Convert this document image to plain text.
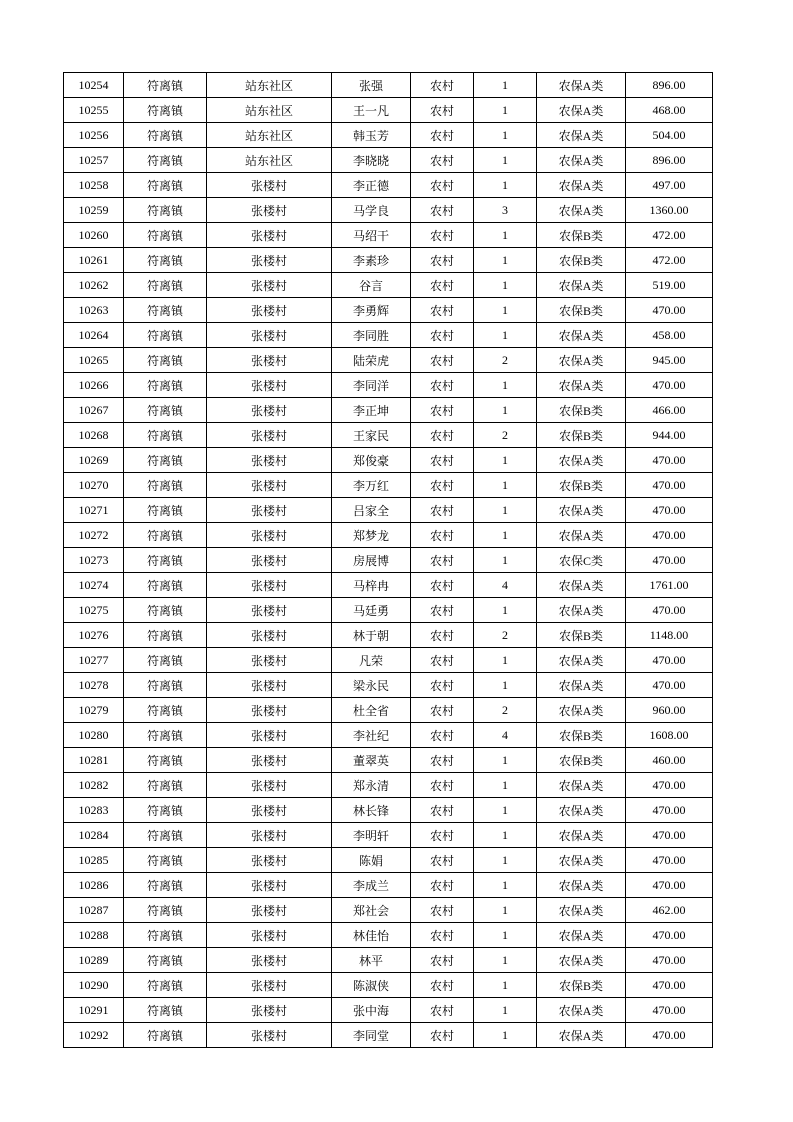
10254	符离镇	站东社区	张强	农村	1	农保A类	896.00
10255	符离镇	站东社区	王一凡	农村	1	农保A类	468.00
10256	符离镇	站东社区	韩玉芳	农村	1	农保A类	504.00
10257	符离镇	站东社区	李晓晓	农村	1	农保A类	896.00
10258	符离镇	张楼村	李正德	农村	1	农保A类	497.00
10259	符离镇	张楼村	马学良	农村	3	农保A类	1360.00
10260	符离镇	张楼村	马绍干	农村	1	农保B类	472.00
10261	符离镇	张楼村	李素珍	农村	1	农保B类	472.00
10262	符离镇	张楼村	谷言	农村	1	农保A类	519.00
10263	符离镇	张楼村	李勇辉	农村	1	农保B类	470.00
10264	符离镇	张楼村	李同胜	农村	1	农保A类	458.00
10265	符离镇	张楼村	陆荣虎	农村	2	农保A类	945.00
10266	符离镇	张楼村	李同洋	农村	1	农保A类	470.00
10267	符离镇	张楼村	李正坤	农村	1	农保B类	466.00
10268	符离镇	张楼村	王家民	农村	2	农保B类	944.00
10269	符离镇	张楼村	郑俊豪	农村	1	农保A类	470.00
10270	符离镇	张楼村	李万红	农村	1	农保B类	470.00
10271	符离镇	张楼村	吕家全	农村	1	农保A类	470.00
10272	符离镇	张楼村	郑梦龙	农村	1	农保A类	470.00
10273	符离镇	张楼村	房展博	农村	1	农保C类	470.00
10274	符离镇	张楼村	马梓冉	农村	4	农保A类	1761.00
10275	符离镇	张楼村	马廷勇	农村	1	农保A类	470.00
10276	符离镇	张楼村	林于朝	农村	2	农保B类	1148.00
10277	符离镇	张楼村	凡荣	农村	1	农保A类	470.00
10278	符离镇	张楼村	梁永民	农村	1	农保A类	470.00
10279	符离镇	张楼村	杜全省	农村	2	农保A类	960.00
10280	符离镇	张楼村	李社纪	农村	4	农保B类	1608.00
10281	符离镇	张楼村	董翠英	农村	1	农保B类	460.00
10282	符离镇	张楼村	郑永清	农村	1	农保A类	470.00
10283	符离镇	张楼村	林长锋	农村	1	农保A类	470.00
10284	符离镇	张楼村	李明轩	农村	1	农保A类	470.00
10285	符离镇	张楼村	陈娟	农村	1	农保A类	470.00
10286	符离镇	张楼村	李成兰	农村	1	农保A类	470.00
10287	符离镇	张楼村	郑社会	农村	1	农保A类	462.00
10288	符离镇	张楼村	林佳怡	农村	1	农保A类	470.00
10289	符离镇	张楼村	林平	农村	1	农保A类	470.00
10290	符离镇	张楼村	陈淑侠	农村	1	农保B类	470.00
10291	符离镇	张楼村	张中海	农村	1	农保A类	470.00
10292	符离镇	张楼村	李同堂	农村	1	农保A类	470.00
